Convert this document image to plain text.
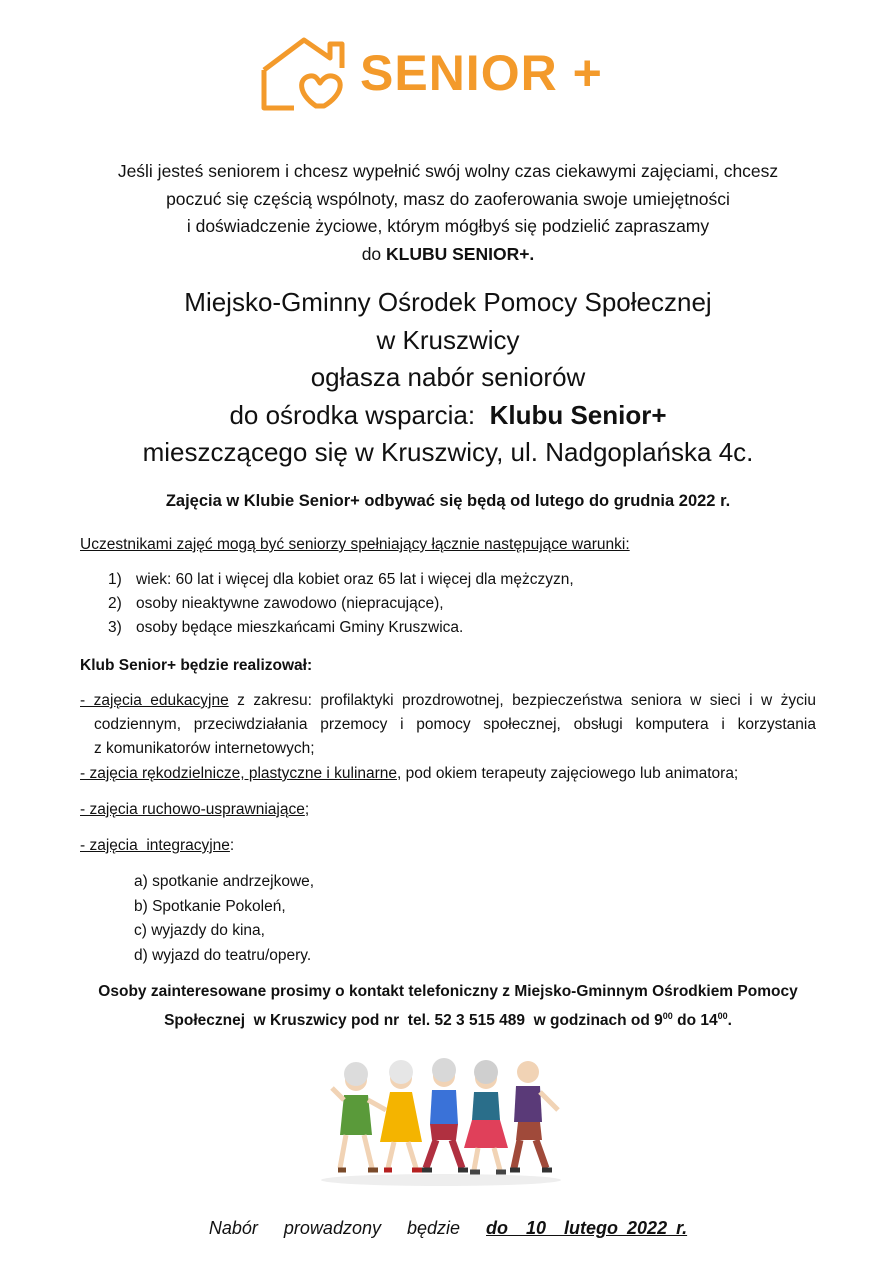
SENIOR +
Jeśli jesteś seniorem i chcesz wypełnić swój wolny czas ciekawymi zajęciami, chcesz
poczuć się częścią wspólnoty, masz do zaoferowania swoje umiejętności
i doświadczenie życiowe, którym mógłbyś się podzielić zapraszamy
do KLUBU SENIOR+.
Miejsko-Gminny Ośrodek Pomocy Społecznej
w Kruszwicy
ogłasza nabór seniorów
do ośrodka wsparcia:  Klubu Senior+
mieszczącego się w Kruszwicy, ul. Nadgoplańska 4c.
Zajęcia w Klubie Senior+ odbywać się będą od lutego do grudnia 2022 r.
Uczestnikami zajęć mogą być seniorzy spełniający łącznie następujące warunki:
1) wiek: 60 lat i więcej dla kobiet oraz 65 lat i więcej dla mężczyzn,
2) osoby nieaktywne zawodowo (niepracujące),
3) osoby będące mieszkańcami Gminy Kruszwica.
Klub Senior+ będzie realizował:
- zajęcia edukacyjne z zakresu: profilaktyki prozdrowotnej, bezpieczeństwa seniora w sieci i w życiu
codziennym, przeciwdziałania przemocy i pomocy społecznej, obsługi komputera i korzystania
z komunikatorów internetowych;
- zajęcia rękodzielnicze, plastyczne i kulinarne, pod okiem terapeuty zajęciowego lub animatora;
- zajęcia ruchowo-usprawniające;
- zajęcia  integracyjne:
a) spotkanie andrzejkowe,
b) Spotkanie Pokoleń,
c) wyjazdy do kina,
d) wyjazd do teatru/opery.
Osoby zainteresowane prosimy o kontakt telefoniczny z Miejsko-Gminnym Ośrodkiem Pomocy
Społecznej  w Kruszwicy pod nr  tel. 52 3 515 489  w godzinach od $9^{00}$ do $14^{00}$.
Nabór  prowadzony  będzie  do  10  lutego 2022 r.
